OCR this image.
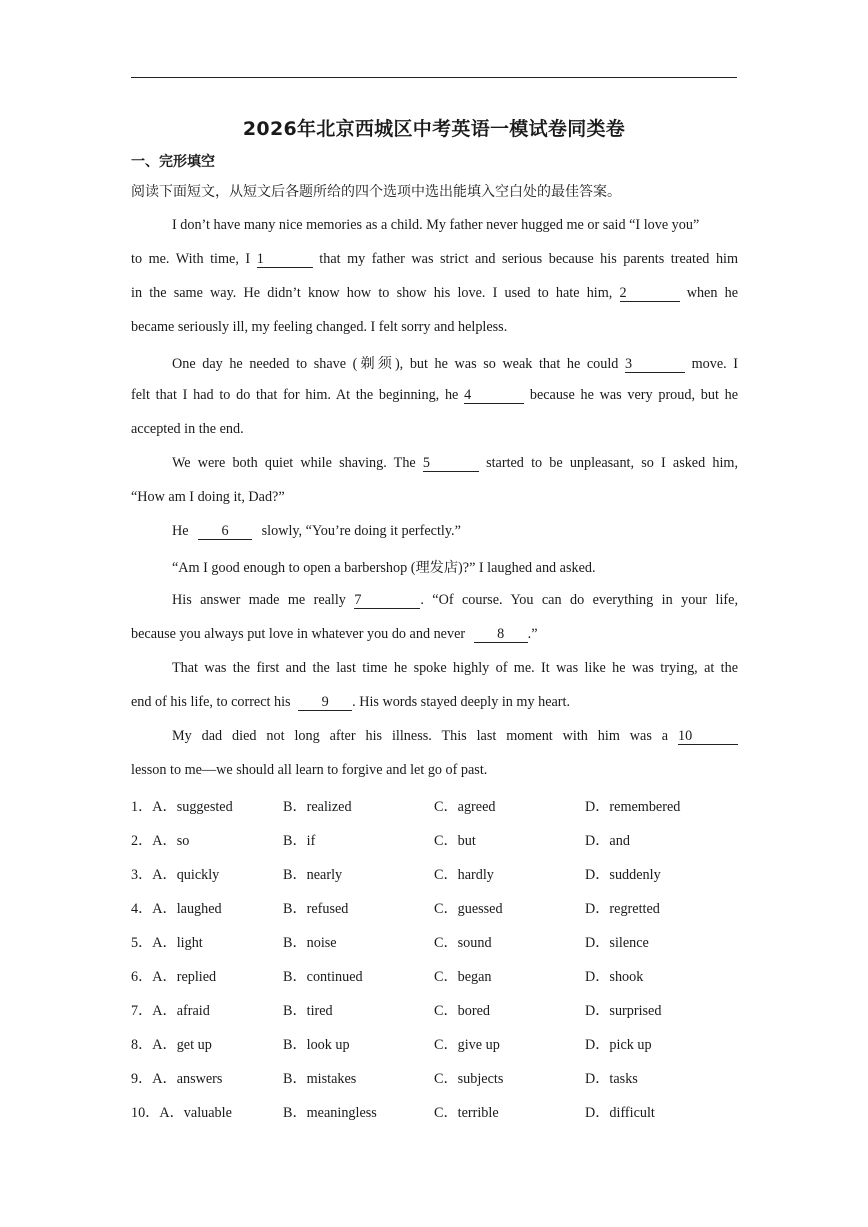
2026年北京西城区中考英语一模试卷同类卷
一、完形填空
阅读下面短文，从短文后各题所给的四个选项中选出能填入空白处的最佳答案。
I don’t have many nice memories as a child. My father never hugged me or said “I love you”
to me. With time, I 1	that my father was strict and serious because his parents treated him
in the same way. He didn’t know how to show his love. I used to hate him, 2	when he
became seriously ill, my feeling changed. I felt sorry and helpless.
One day he needed to shave (剃须), but he was so weak that he could 3	move. I
felt that I had to do that for him. At the beginning, he 4	because he was very proud, but he
accepted in the end.
We were both quiet while shaving. The 5	started to be unpleasant, so I asked him,
“How am I doing it, Dad?”
He 6 slowly, “You’re doing it perfectly.”
“Am I good enough to open a barbershop (理发店)?” I laughed and asked.
His answer made me really 7	. “Of course. You can do everything in your life,
because you always put love in whatever you do and never 8 .”
That was the first and the last time he spoke highly of me. It was like he was trying, at the
end of his life, to correct his 9 . His words stayed deeply in my heart.
My dad died not long after his illness. This last moment with him was a 10
lesson to me—we should all learn to forgive and let go of past.
1．A．suggested	B．realized	C．agreed	D．remembered
2．A．so	B．if	C．but	D．and
3．A．quickly	B．nearly	C．hardly	D．suddenly
4．A．laughed	B．refused	C．guessed	D．regretted
5．A．light	B．noise	C．sound	D．silence
6．A．replied	B．continued	C．began	D．shook
7．A．afraid	B．tired	C．bored	D．surprised
8．A．get up	B．look up	C．give up	D．pick up
9．A．answers	B．mistakes	C．subjects	D．tasks
10．A．valuable	B．meaningless	C．terrible	D．difficult
